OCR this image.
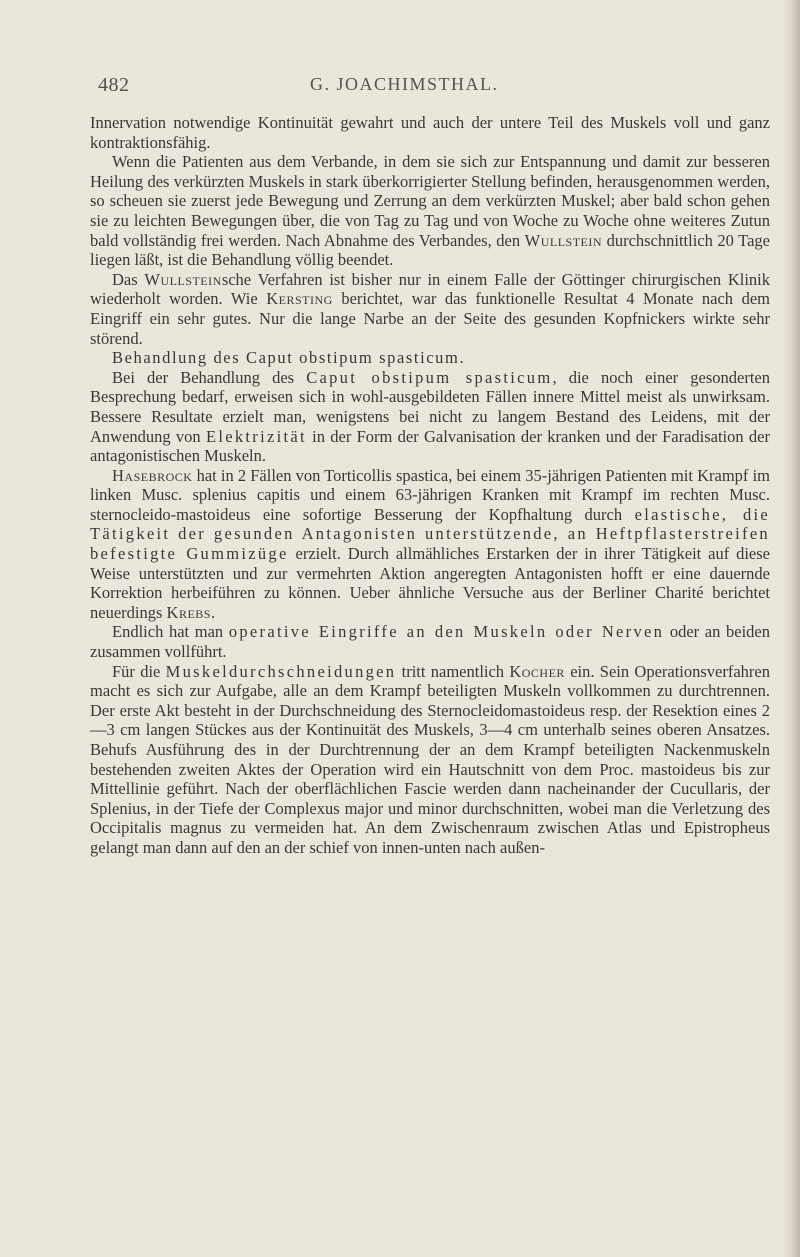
482	G. JOACHIMSTHAL.

Innervation notwendige Kontinuität gewahrt und auch der untere Teil des Muskels voll und ganz kontraktionsfähig.

Wenn die Patienten aus dem Verbande, in dem sie sich zur Entspannung und damit zur besseren Heilung des verkürzten Muskels in stark überkorrigierter Stellung befinden, herausgenommen werden, so scheuen sie zuerst jede Bewegung und Zerrung an dem verkürzten Muskel; aber bald schon gehen sie zu leichten Bewegungen über, die von Tag zu Tag und von Woche zu Woche ohne weiteres Zutun bald vollständig frei werden. Nach Abnahme des Verbandes, den Wullstein durchschnittlich 20 Tage liegen läßt, ist die Behandlung völlig beendet.

Das Wullsteinsche Verfahren ist bisher nur in einem Falle der Göttinger chirurgischen Klinik wiederholt worden. Wie Kersting berichtet, war das funktionelle Resultat 4 Monate nach dem Eingriff ein sehr gutes. Nur die lange Narbe an der Seite des gesunden Kopfnickers wirkte sehr störend.

Behandlung des Caput obstipum spasticum.

Bei der Behandlung des Caput obstipum spasticum, die noch einer gesonderten Besprechung bedarf, erweisen sich in wohl-ausgebildeten Fällen innere Mittel meist als unwirksam. Bessere Resultate erzielt man, wenigstens bei nicht zu langem Bestand des Leidens, mit der Anwendung von Elektrizität in der Form der Galvanisation der kranken und der Faradisation der antagonistischen Muskeln.

Hasebrock hat in 2 Fällen von Torticollis spastica, bei einem 35-jährigen Patienten mit Krampf im linken Musc. splenius capitis und einem 63-jährigen Kranken mit Krampf im rechten Musc. sternocleido-mastoideus eine sofortige Besserung der Kopfhaltung durch elastische, die Tätigkeit der gesunden Antagonisten unterstützende, an Heftpflasterstreifen befestigte Gummizüge erzielt. Durch allmähliches Erstarken der in ihrer Tätigkeit auf diese Weise unterstützten und zur vermehrten Aktion angeregten Antagonisten hofft er eine dauernde Korrektion herbeiführen zu können. Ueber ähnliche Versuche aus der Berliner Charité berichtet neuerdings Krebs.

Endlich hat man operative Eingriffe an den Muskeln oder Nerven oder an beiden zusammen vollführt.

Für die Muskeldurchschneidungen tritt namentlich Kocher ein. Sein Operationsverfahren macht es sich zur Aufgabe, alle an dem Krampf beteiligten Muskeln vollkommen zu durchtrennen. Der erste Akt besteht in der Durchschneidung des Sternocleidomastoideus resp. der Resektion eines 2—3 cm langen Stückes aus der Kontinuität des Muskels, 3—4 cm unterhalb seines oberen Ansatzes. Behufs Ausführung des in der Durchtrennung der an dem Krampf beteiligten Nackenmuskeln bestehenden zweiten Aktes der Operation wird ein Hautschnitt von dem Proc. mastoideus bis zur Mittellinie geführt. Nach der oberflächlichen Fascie werden dann nacheinander der Cucullaris, der Splenius, in der Tiefe der Complexus major und minor durchschnitten, wobei man die Verletzung des Occipitalis magnus zu vermeiden hat. An dem Zwischenraum zwischen Atlas und Epistropheus gelangt man dann auf den an der schief von innen-unten nach außen-
